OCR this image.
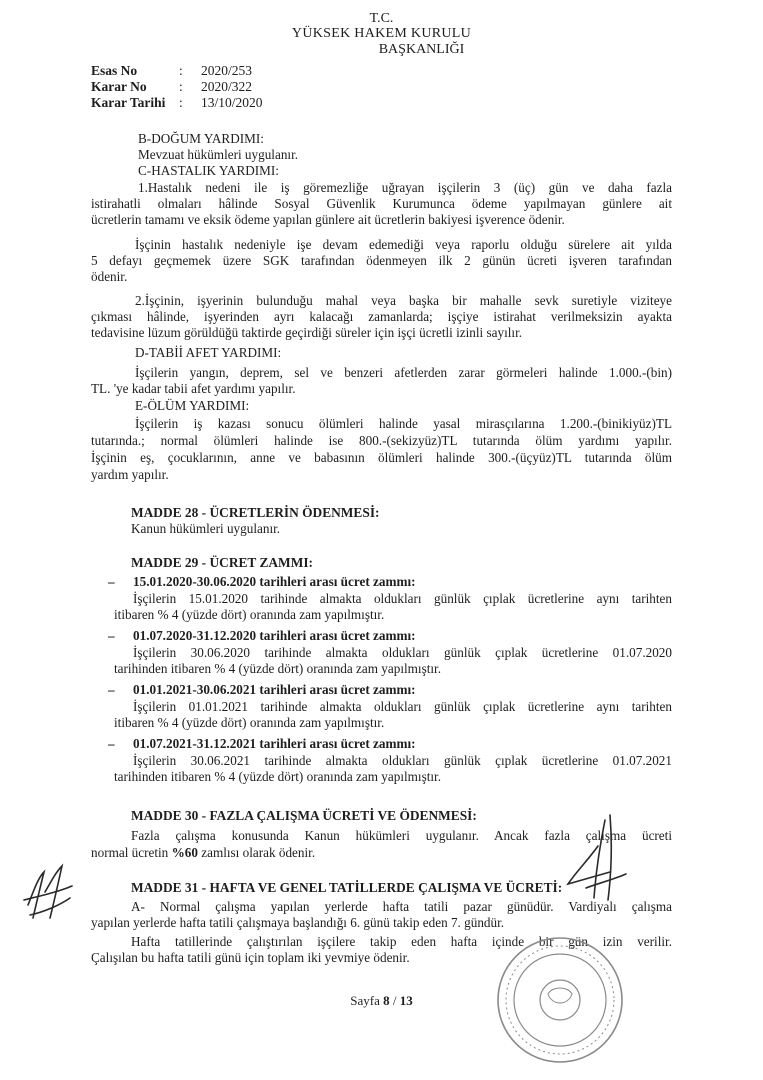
T.C.
YÜKSEK HAKEM KURULU
BAŞKANLIĞI
Esas No	: 2020/253
Karar No : 2020/322
Karar Tarihi : 13/10/2020
B-DOĞUM YARDIMI:
Mevzuat hükümleri uygulanır.
C-HASTALIK YARDIMI:
1.Hastalık nedeni ile iş göremezliğe uğrayan işçilerin 3 (üç) gün ve daha fazla
istirahatli olmaları hâlinde Sosyal Güvenlik Kurumunca ödeme yapılmayan günlere ait
ücretlerin tamamı ve eksik ödeme yapılan günlere ait ücretlerin bakiyesi işverence ödenir.
İşçinin hastalık nedeniyle işe devam edemediği veya raporlu olduğu sürelere ait yılda
5 defayı geçmemek üzere SGK tarafından ödenmeyen ilk 2 günün ücreti işveren tarafından
ödenir.
2.İşçinin, işyerinin bulunduğu mahal veya başka bir mahalle sevk suretiyle viziteye
çıkması hâlinde, işyerinden ayrı kalacağı zamanlarda; işçiye istirahat verilmeksizin ayakta
tedavisine lüzum görüldüğü taktirde geçirdiği süreler için işçi ücretli izinli sayılır.
D-TABİİ AFET YARDIMI:
İşçilerin yangın, deprem, sel ve benzeri afetlerden zarar görmeleri halinde 1.000.-(bin)
TL. 'ye kadar tabii afet yardımı yapılır.
E-ÖLÜM YARDIMI:
İşçilerin iş kazası sonucu ölümleri halinde yasal mirasçılarına 1.200.-(binikiyüz)TL
tutarında.; normal ölümleri halinde ise 800.-(sekizyüz)TL tutarında ölüm yardımı yapılır.
İşçinin eş, çocuklarının, anne ve babasının ölümleri halinde 300.-(üçyüz)TL tutarında ölüm
yardım yapılır.
MADDE 28 - ÜCRETLERİN ÖDENMESİ:
Kanun hükümleri uygulanır.
MADDE 29 - ÜCRET ZAMMI:
– 15.01.2020-30.06.2020 tarihleri arası ücret zammı:
İşçilerin 15.01.2020 tarihinde almakta oldukları günlük çıplak ücretlerine aynı tarihten
itibaren % 4 (yüzde dört) oranında zam yapılmıştır.
– 01.07.2020-31.12.2020 tarihleri arası ücret zammı:
İşçilerin 30.06.2020 tarihinde almakta oldukları günlük çıplak ücretlerine 01.07.2020
tarihinden itibaren % 4 (yüzde dört) oranında zam yapılmıştır.
– 01.01.2021-30.06.2021 tarihleri arası ücret zammı:
İşçilerin 01.01.2021 tarihinde almakta oldukları günlük çıplak ücretlerine aynı tarihten
itibaren % 4 (yüzde dört) oranında zam yapılmıştır.
– 01.07.2021-31.12.2021 tarihleri arası ücret zammı:
İşçilerin 30.06.2021 tarihinde almakta oldukları günlük çıplak ücretlerine 01.07.2021
tarihinden itibaren % 4 (yüzde dört) oranında zam yapılmıştır.
MADDE 30 - FAZLA ÇALIŞMA ÜCRETİ VE ÖDENMESİ:
Fazla çalışma konusunda Kanun hükümleri uygulanır. Ancak fazla çalışma ücreti
normal ücretin %60 zamlısı olarak ödenir.
MADDE 31 - HAFTA VE GENEL TATİLLERDE ÇALIŞMA VE ÜCRETİ:
A- Normal çalışma yapılan yerlerde hafta tatili pazar günüdür. Vardiyalı çalışma
yapılan yerlerde hafta tatili çalışmaya başlandığı 6. günü takip eden 7. gündür.
Hafta tatillerinde çalıştırılan işçilere takip eden hafta içinde bir gün izin verilir.
Çalışılan bu hafta tatili günü için toplam iki yevmiye ödenir.
Sayfa 8 / 13
